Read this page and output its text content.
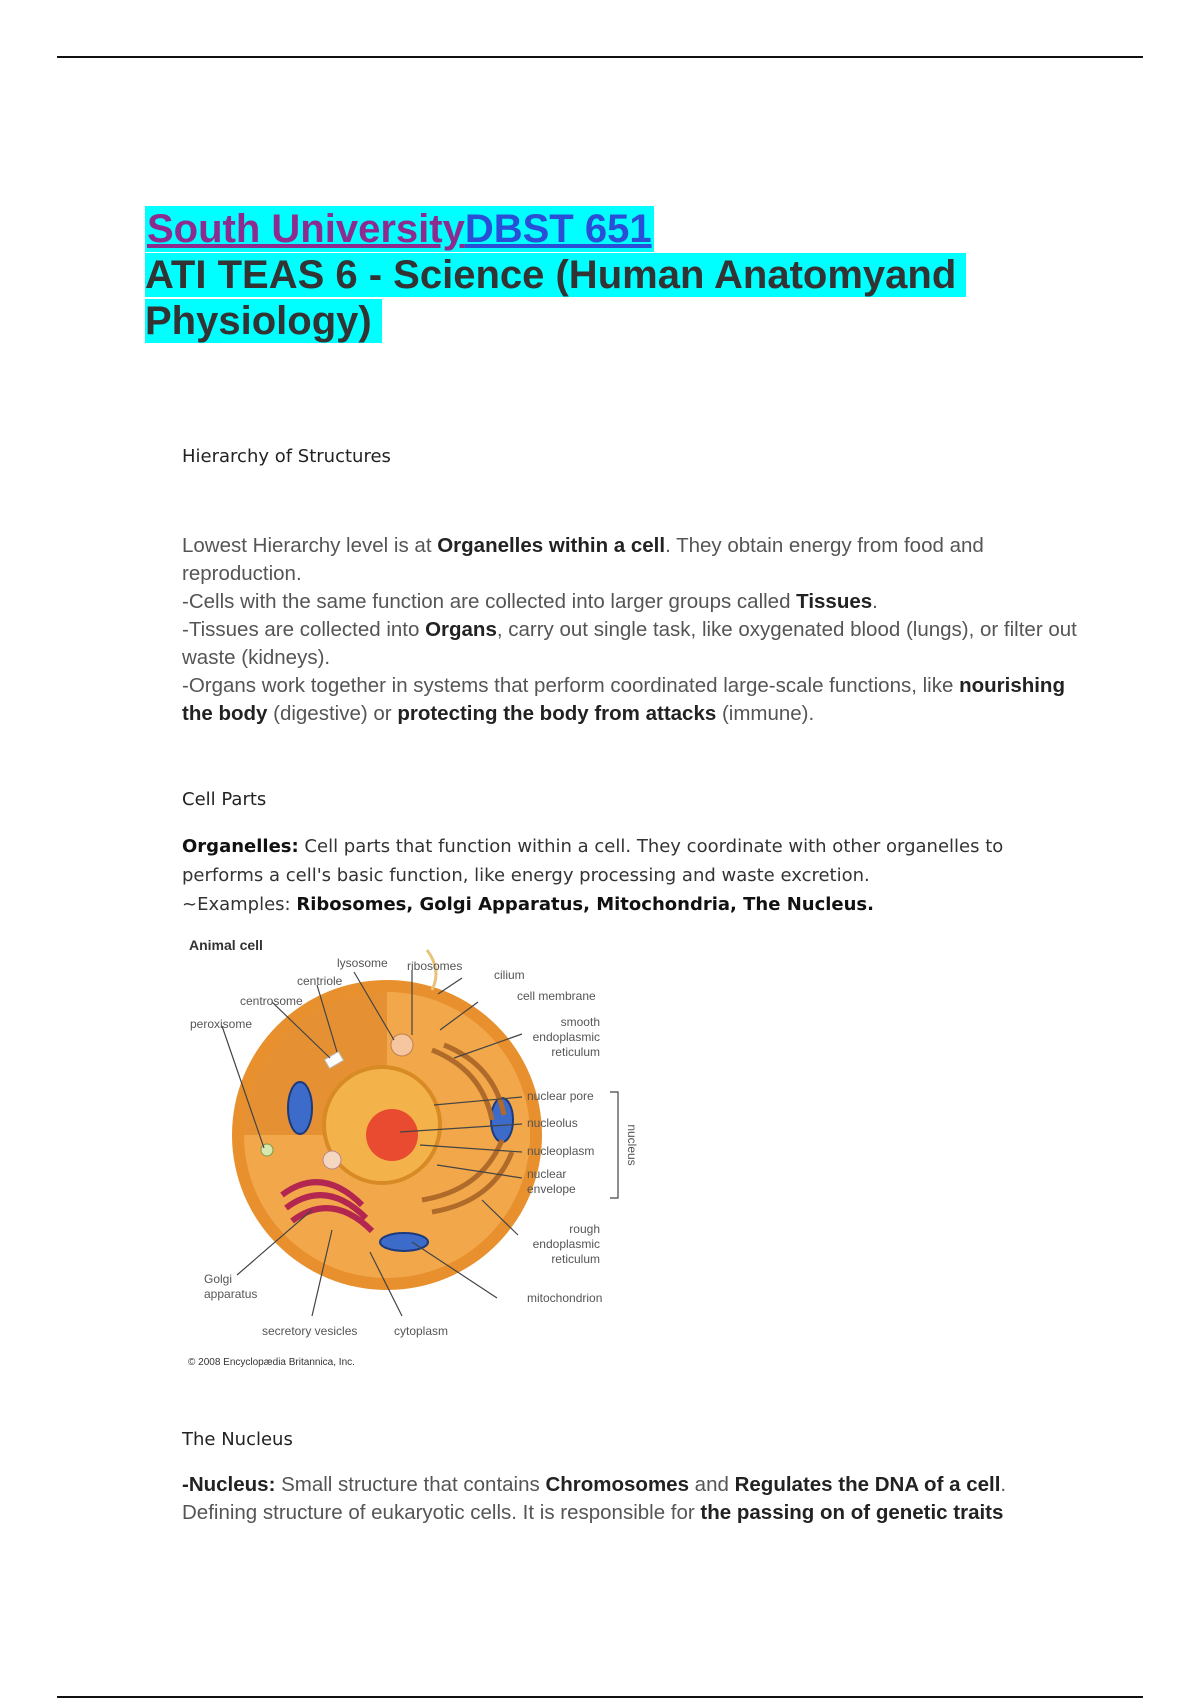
South UniversityDBST 651
ATI TEAS 6 - Science (Human Anatomyand
Physiology)
Hierarchy of Structures
Lowest Hierarchy level is at Organelles within a cell. They obtain energy from food and reproduction.
-Cells with the same function are collected into larger groups called Tissues.
-Tissues are collected into Organs, carry out single task, like oxygenated blood (lungs), or filter out waste (kidneys).
-Organs work together in systems that perform coordinated large-scale functions, like nourishing the body (digestive) or protecting the body from attacks (immune).
Cell Parts
Organelles: Cell parts that function within a cell. They coordinate with other organelles to performs a cell's basic function, like energy processing and waste excretion.
~Examples: Ribosomes, Golgi Apparatus, Mitochondria, The Nucleus.
Animal cell
lysosome ribosomes
centriole	cilium
centrosome	cell membrane
peroxisome	smooth
endoplasmic
reticulum
nuclear pore
nucleolus
nucleoplasm
nuclear
envelope
nucleus
rough
endoplasmic
reticulum
Golgi
apparatus	mitochondrion
secretory vesicles	cytoplasm
© 2008 Encyclopædia Britannica, Inc.
The Nucleus
-Nucleus: Small structure that contains Chromosomes and Regulates the DNA of a cell. Defining structure of eukaryotic cells. It is responsible for the passing on of genetic traits
